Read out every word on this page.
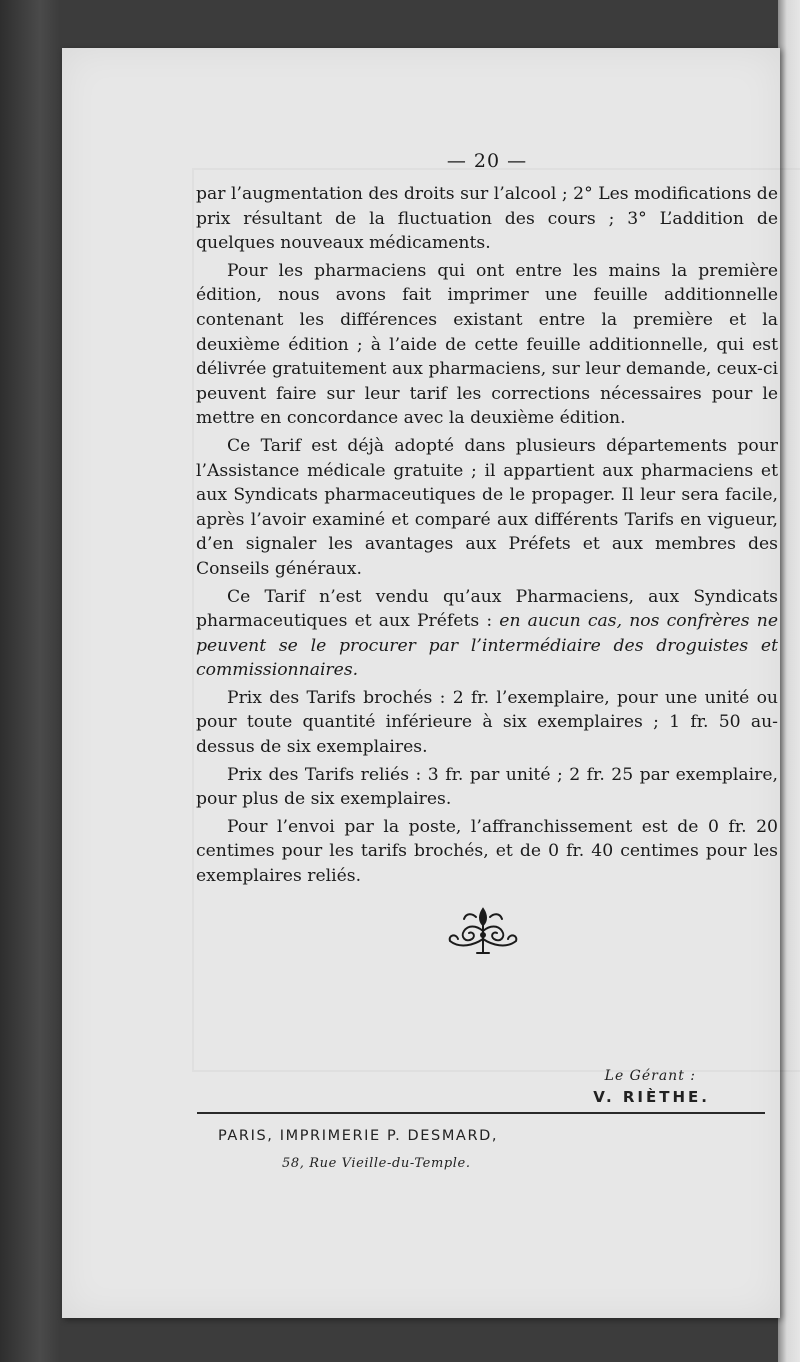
— 20 —

par l’augmentation des droits sur l’alcool ; 2° Les modifications de prix résultant de la fluctuation des cours ; 3° L’addition de quelques nouveaux médicaments.

Pour les pharmaciens qui ont entre les mains la première édition, nous avons fait imprimer une feuille additionnelle contenant les différences existant entre la première et la deuxième édition ; à l’aide de cette feuille additionnelle, qui est délivrée gratuitement aux pharmaciens, sur leur demande, ceux-ci peuvent faire sur leur tarif les corrections nécessaires pour le mettre en concordance avec la deuxième édition.

Ce Tarif est déjà adopté dans plusieurs départements pour l’Assistance médicale gratuite ; il appartient aux pharmaciens et aux Syndicats pharmaceutiques de le propager. Il leur sera facile, après l’avoir examiné et comparé aux différents Tarifs en vigueur, d’en signaler les avantages aux Préfets et aux membres des Conseils généraux.

Ce Tarif n’est vendu qu’aux Pharmaciens, aux Syndicats pharmaceutiques et aux Préfets : en aucun cas, nos confrères ne peuvent se le procurer par l’intermédiaire des droguistes et commissionnaires.

Prix des Tarifs brochés : 2 fr. l’exemplaire, pour une unité ou pour toute quantité inférieure à six exemplaires ; 1 fr. 50 au-dessus de six exemplaires.

Prix des Tarifs reliés : 3 fr. par unité ; 2 fr. 25 par exemplaire, pour plus de six exemplaires.

Pour l’envoi par la poste, l’affranchissement est de 0 fr. 20 centimes pour les tarifs brochés, et de 0 fr. 40 centimes pour les exemplaires reliés.

Le Gérant :
V. RIÈTHE.
PARIS, IMPRIMERIE P. DESMARD,
58, Rue Vieille-du-Temple.
